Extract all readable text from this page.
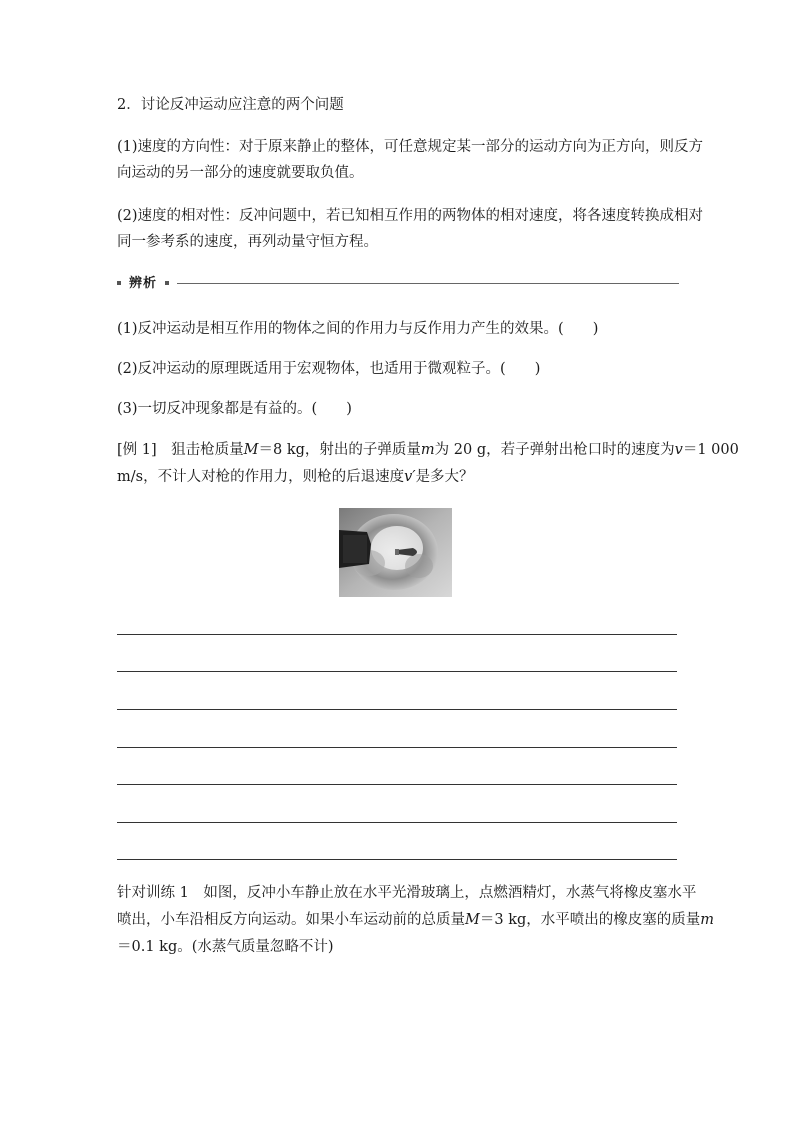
2．讨论反冲运动应注意的两个问题

(1)速度的方向性：对于原来静止的整体，可任意规定某一部分的运动方向为正方向，则反方

向运动的另一部分的速度就要取负值。

(2)速度的相对性：反冲问题中，若已知相互作用的两物体的相对速度，将各速度转换成相对

同一参考系的速度，再列动量守恒方程。

辨析

(1)反冲运动是相互作用的物体之间的作用力与反作用力产生的效果。(　　)

(2)反冲运动的原理既适用于宏观物体，也适用于微观粒子。(　　)

(3)一切反冲现象都是有益的。(　　)

[例 1]　狙击枪质量M＝8 kg，射出的子弹质量m为 20 g，若子弹射出枪口时的速度为v＝1 000

m/s，不计人对枪的作用力，则枪的后退速度v′是多大？

针对训练 1　如图，反冲小车静止放在水平光滑玻璃上，点燃酒精灯，水蒸气将橡皮塞水平

喷出，小车沿相反方向运动。如果小车运动前的总质量M＝3 kg，水平喷出的橡皮塞的质量m

＝0.1 kg。(水蒸气质量忽略不计)
